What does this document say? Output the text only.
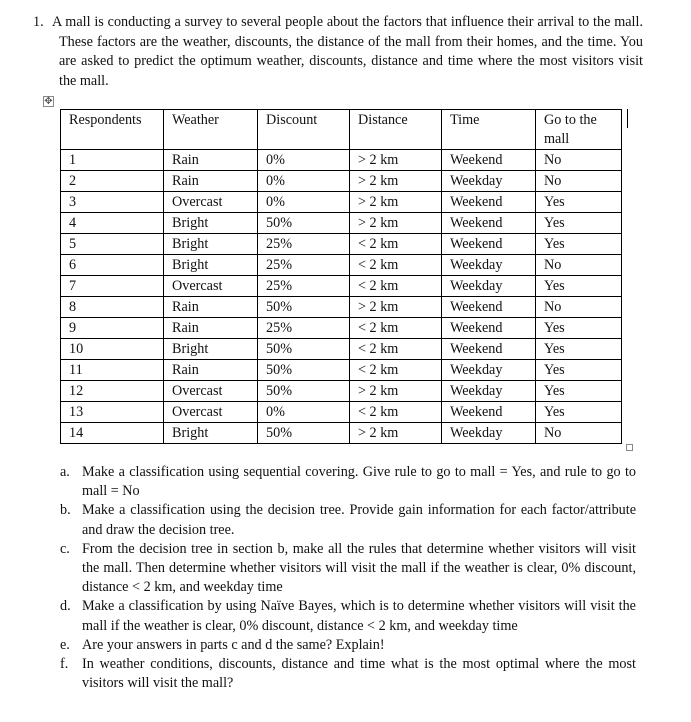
1. A mall is conducting a survey to several people about the factors that influence their arrival to the mall. These factors are the weather, discounts, the distance of the mall from their homes, and the time. You are asked to predict the optimum weather, discounts, distance and time where the most visitors visit the mall.
✥
Respondents	Weather	Discount	Distance	Time	Go to the mall
1	Rain	0%	> 2 km	Weekend	No
2	Rain	0%	> 2 km	Weekday	No
3	Overcast	0%	> 2 km	Weekend	Yes
4	Bright	50%	> 2 km	Weekend	Yes
5	Bright	25%	< 2 km	Weekend	Yes
6	Bright	25%	< 2 km	Weekday	No
7	Overcast	25%	< 2 km	Weekday	Yes
8	Rain	50%	> 2 km	Weekend	No
9	Rain	25%	< 2 km	Weekend	Yes
10	Bright	50%	< 2 km	Weekend	Yes
11	Rain	50%	< 2 km	Weekday	Yes
12	Overcast	50%	> 2 km	Weekday	Yes
13	Overcast	0%	< 2 km	Weekend	Yes
14	Bright	50%	> 2 km	Weekday	No
a. Make a classification using sequential covering. Give rule to go to mall = Yes, and rule to go to mall = No
b. Make a classification using the decision tree. Provide gain information for each factor/attribute and draw the decision tree.
c. From the decision tree in section b, make all the rules that determine whether visitors will visit the mall. Then determine whether visitors will visit the mall if the weather is clear, 0% discount, distance < 2 km, and weekday time
d. Make a classification by using Naïve Bayes, which is to determine whether visitors will visit the mall if the weather is clear, 0% discount, distance < 2 km, and weekday time
e. Are your answers in parts c and d the same? Explain!
f. In weather conditions, discounts, distance and time what is the most optimal where the most visitors will visit the mall?
